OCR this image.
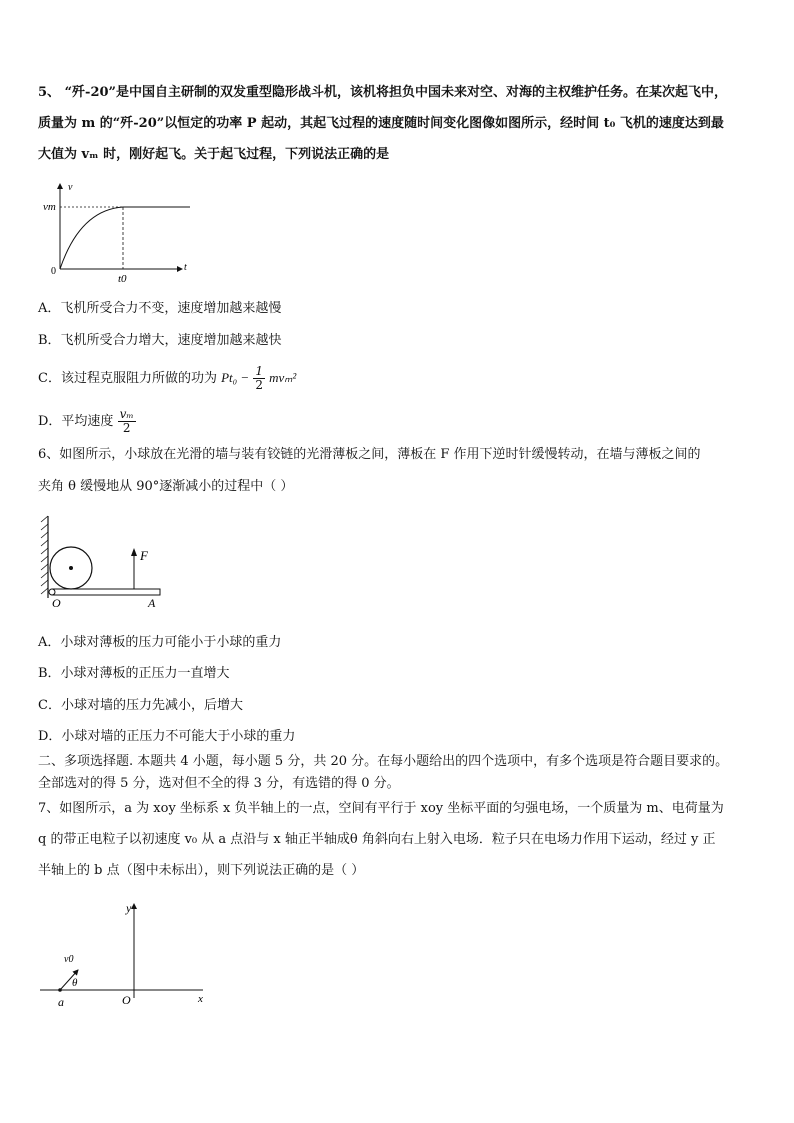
5、 “歼-20”是中国自主研制的双发重型隐形战斗机，该机将担负中国未来对空、对海的主权维护任务。在某次起飞中，
质量为 m 的“歼-20”以恒定的功率 P 起动，其起飞过程的速度随时间变化图像如图所示，经时间 t₀ 飞机的速度达到最
大值为 vₘ 时，刚好起飞。关于起飞过程，下列说法正确的是
v
vm
0
t0
t
A．飞机所受合力不变，速度增加越来越慢
B．飞机所受合力增大，速度增加越来越快
C．该过程克服阻力所做的功为 $Pt_0 - \frac{1}{2} mv_m^2$
D．平均速度 $\frac{\text{vₘ}}{2}$
6、如图所示，小球放在光滑的墙与装有铰链的光滑薄板之间，薄板在 F 作用下逆时针缓慢转动，在墙与薄板之间的
夹角 θ 缓慢地从 90°逐渐减小的过程中（ ）
F
O	A
A．小球对薄板的压力可能小于小球的重力
B．小球对薄板的正压力一直增大
C．小球对墙的压力先减小，后增大
D．小球对墙的正压力不可能大于小球的重力
二、多项选择题. 本题共 4 小题，每小题 5 分，共 20 分。在每小题给出的四个选项中，有多个选项是符合题目要求的。
全部选对的得 5 分，选对但不全的得 3 分，有选错的得 0 分。
7、如图所示，a 为 xoy 坐标系 x 负半轴上的一点，空间有平行于 xoy 坐标平面的匀强电场，一个质量为 m、电荷量为
q 的带正电粒子以初速度 v₀ 从 a 点沿与 x 轴正半轴成θ 角斜向右上射入电场．粒子只在电场力作用下运动，经过 y 正
半轴上的 b 点（图中未标出），则下列说法正确的是（ ）
y
v0
θ
a	O	x
